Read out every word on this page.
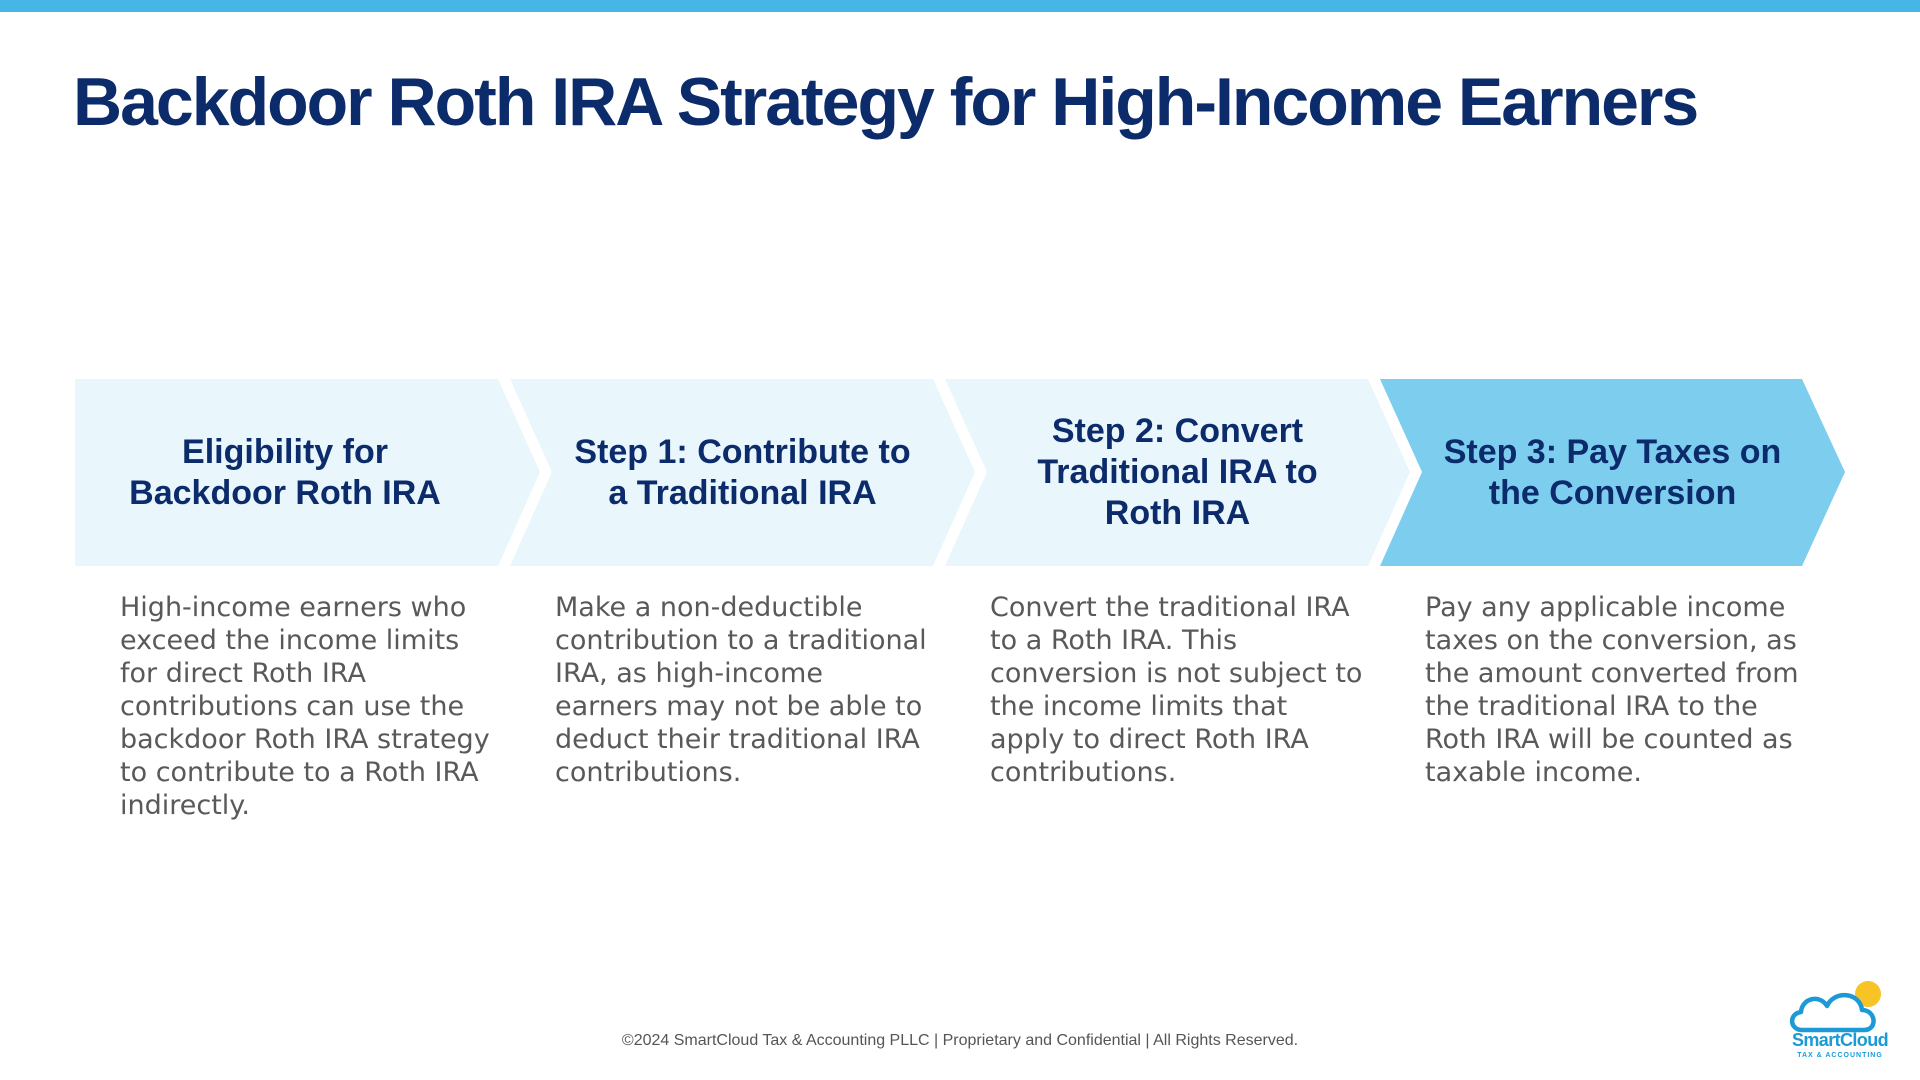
Backdoor Roth IRA Strategy for High-Income Earners
Eligibility for Backdoor Roth IRA
Step 1: Contribute to a Traditional IRA
Step 2: Convert Traditional IRA to Roth IRA
Step 3: Pay Taxes on the Conversion

High-income earners who exceed the income limits for direct Roth IRA contributions can use the backdoor Roth IRA strategy to contribute to a Roth IRA indirectly.

Make a non-deductible contribution to a traditional IRA, as high-income earners may not be able to deduct their traditional IRA contributions.

Convert the traditional IRA to a Roth IRA. This conversion is not subject to the income limits that apply to direct Roth IRA contributions.

Pay any applicable income taxes on the conversion, as the amount converted from the traditional IRA to the Roth IRA will be counted as taxable income.

©2024 SmartCloud Tax & Accounting PLLC | Proprietary and Confidential | All Rights Reserved.
TAX & ACCOUNTING
SmartCloud
